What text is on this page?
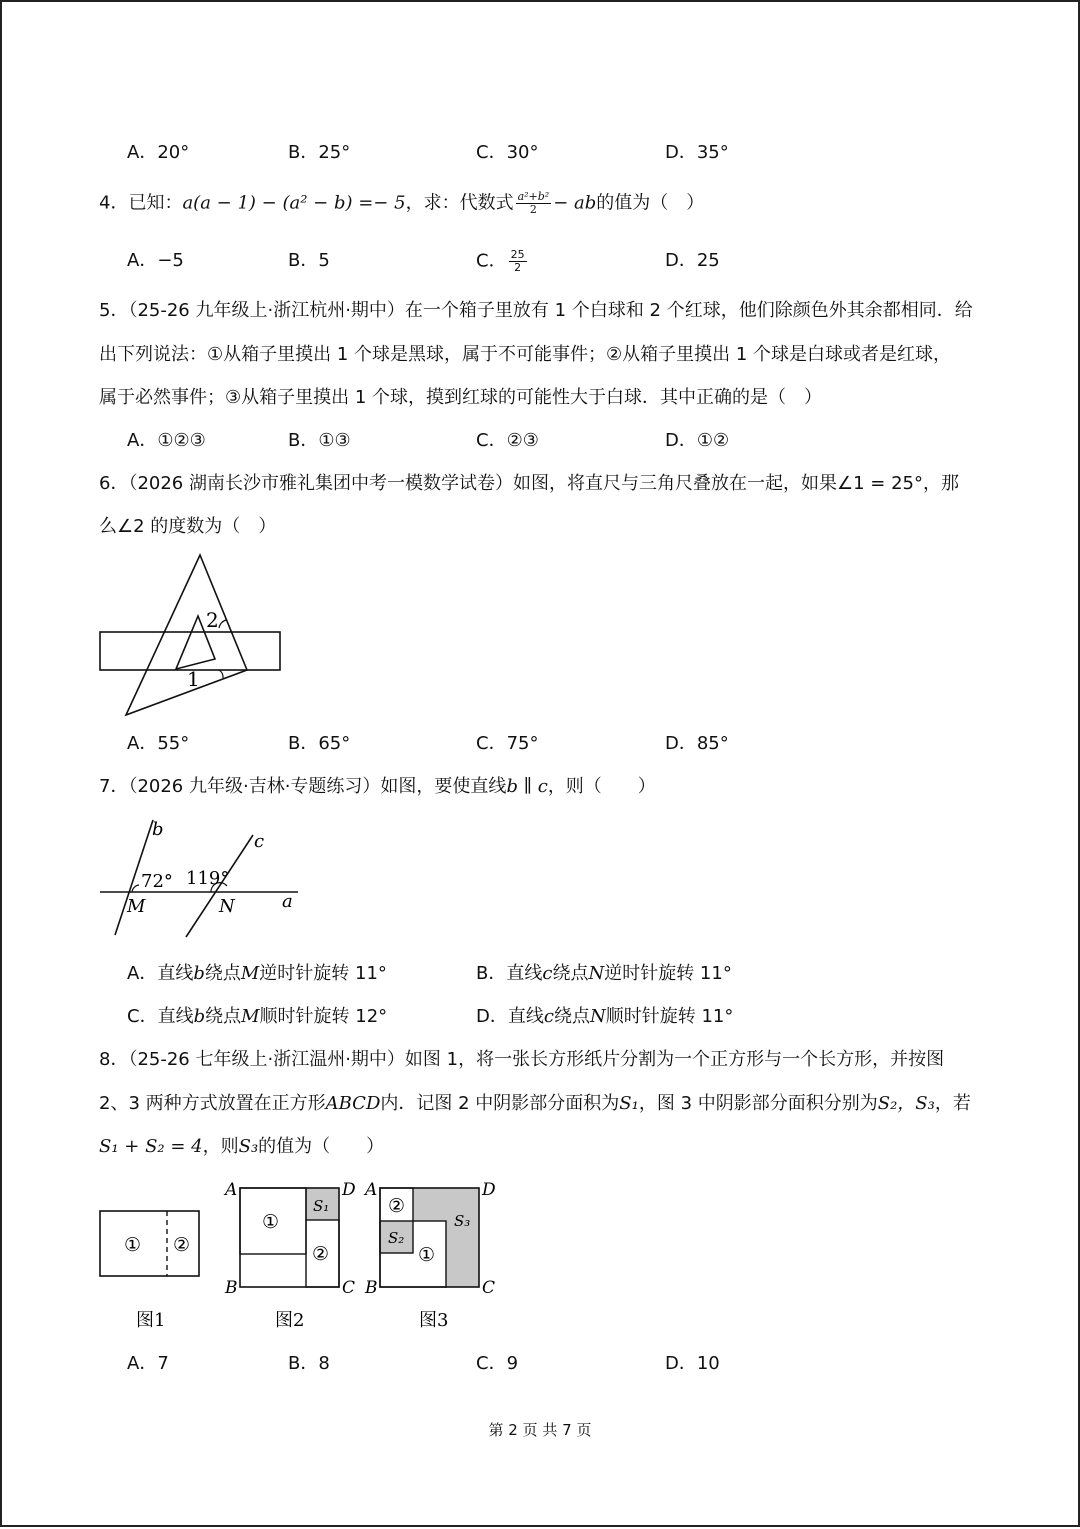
A．20°	B．25°	C．30°	D．35°
4．已知：a(a − 1) − (a² − b) =− 5，求：代数式 $\frac{\text{a²+b²}}{2}$ − ab的值为（　）
A．−5	B．5	C． $\frac{25}{2}$	D．25
5．（25-26 九年级上·浙江杭州·期中）在一个箱子里放有 1 个白球和 2 个红球，他们除颜色外其余都相同．给
出下列说法：①从箱子里摸出 1 个球是黑球，属于不可能事件；②从箱子里摸出 1 个球是白球或者是红球，
属于必然事件；③从箱子里摸出 1 个球，摸到红球的可能性大于白球．其中正确的是（　）
A．①②③	B．①③	C．②③	D．①②
6．（2026 湖南长沙市雅礼集团中考一模数学试卷）如图，将直尺与三角尺叠放在一起，如果∠1 = 25°，那
么∠2 的度数为（　）
2
1
A．55°	B．65°	C．75°	D．85°
7．（2026 九年级·吉林·专题练习）如图，要使直线b ∥ c，则（　　）
b
c
a
M	N
72° 119°
A．直线b绕点M逆时针旋转 11°	B．直线c绕点N逆时针旋转 11°
C．直线b绕点M顺时针旋转 12°	D．直线c绕点N顺时针旋转 11°
8．（25-26 七年级上·浙江温州·期中）如图 1，将一张长方形纸片分割为一个正方形与一个长方形，并按图
2、3 两种方式放置在正方形ABCD内．记图 2 中阴影部分面积为S₁，图 3 中阴影部分面积分别为S₂，S₃，若
S₁ + S₂ = 4，则S₃的值为（　　）
① ②
图1
①
②
S₁
A	D
B	C
图2
②
①
S₂
S₃
A	D
B	C
图3
A．7	B．8	C．9	D．10
第 2 页 共 7 页
